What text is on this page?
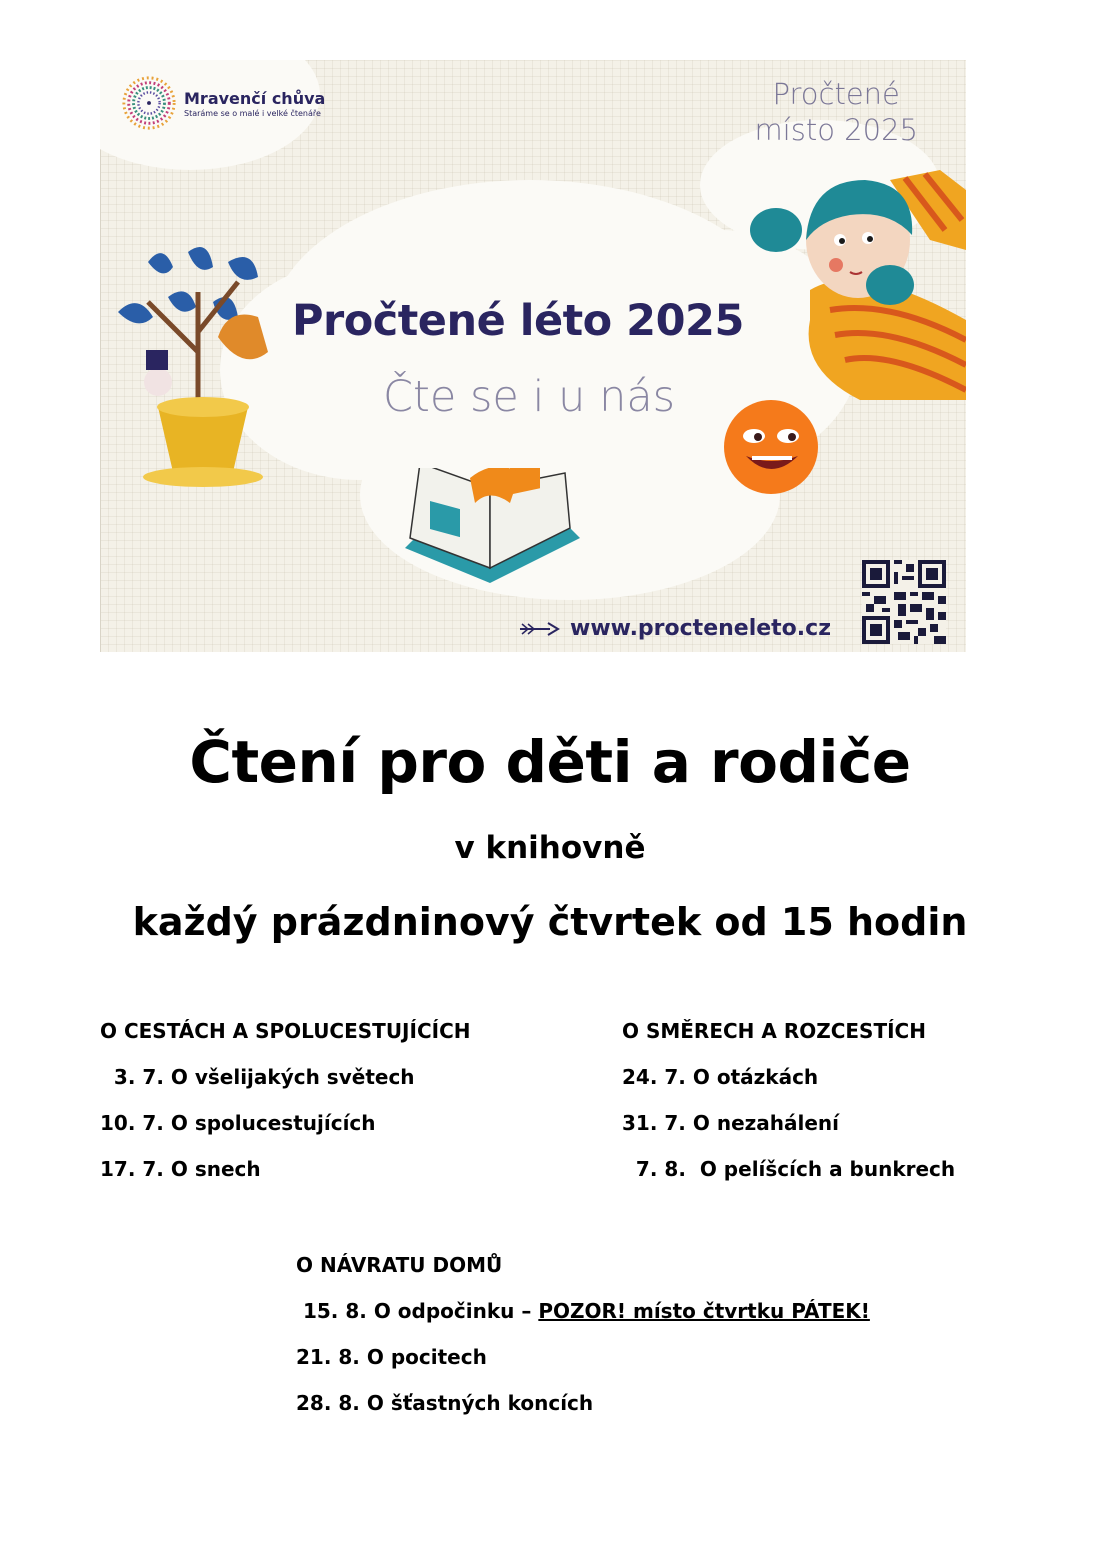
Mravenčí chůva
Staráme se o malé i velké čtenáře
Pročtené
místo 2025
www.procteneleto.cz
Pročtené léto 2025
Čte se i u nás
Čtení pro děti a rodiče
v knihovně
každý prázdninový čtvrtek od 15 hodin
O CESTÁCH A SPOLUCESTUJÍCÍCH
3. 7. O všelijakých světech
10. 7. O spolucestujících
17. 7. O snech
O SMĚRECH A ROZCESTÍCH
24. 7. O otázkách
31. 7. O nezahálení
7. 8.  O pelíšcích a bunkrech
O NÁVRATU DOMŮ
15. 8. O odpočinku – POZOR! místo čtvrtku PÁTEK!
21. 8. O pocitech
28. 8. O šťastných koncích
